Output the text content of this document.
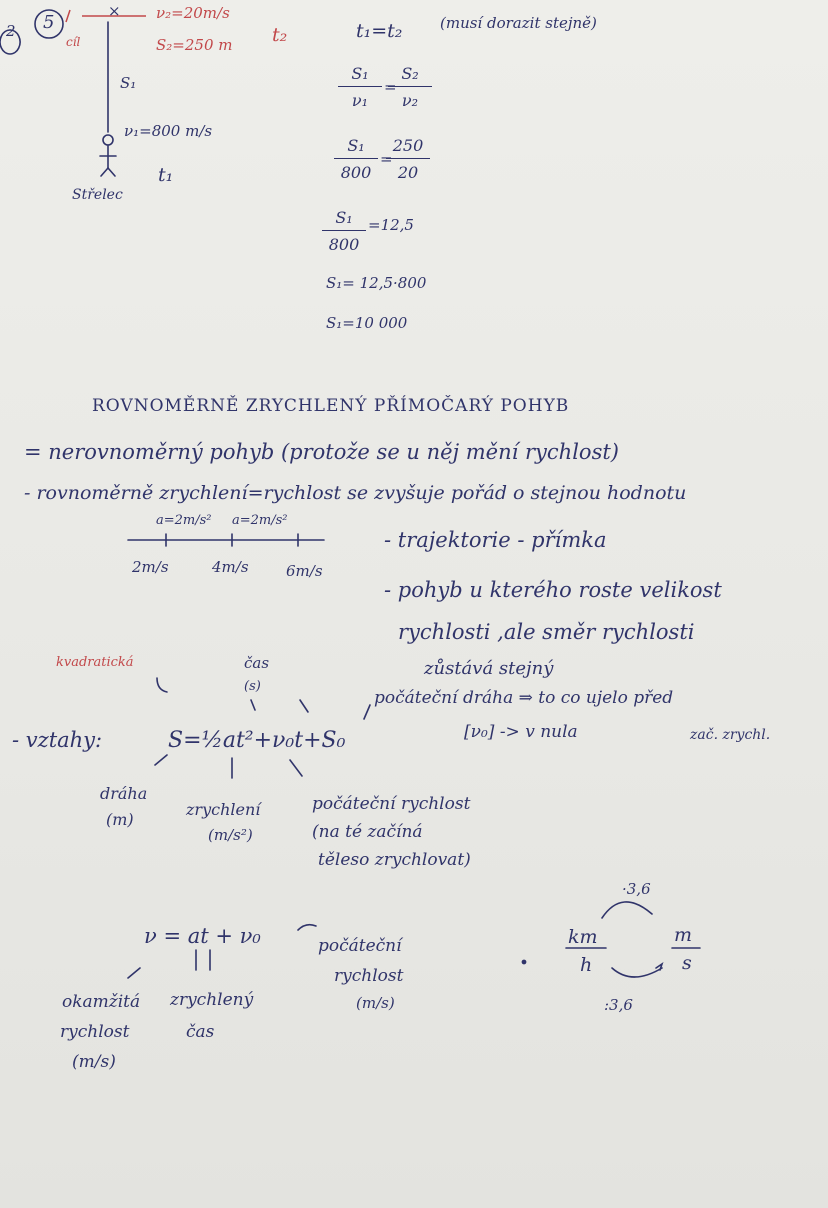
2 5
cíl
× ν₂=20m/s
S₂=250 m t₂
S₁
ν₁=800 m/s
t₁
Střelec
t₁=t₂	(musí dorazit stejně)
$\frac{\text{S₁}}{\text{ν₁}}$ =
$\frac{\text{S₂}}{\text{ν₂}}$
$\frac{\text{S₁}}{800}$ =
$\frac{250}{20}$
$\frac{\text{S₁}}{800} =12,5$
S₁= 12,5·800
S₁=10 000
ROVNOMĚRNĚ ZRYCHLENÝ PŘÍMOČARÝ POHYB
= nerovnoměrný pohyb (protože se u něj mění rychlost)
- rovnoměrně zrychlení=rychlost se zvyšuje pořád o stejnou hodnotu
a=2m/s² a=2m/s²
2m/s	4m/s 6m/s
- trajektorie - přímka
- pohyb u kterého roste velikost
rychlosti ,ale směr rychlosti
zůstává stejný
kvadratická	čas
(s)
počáteční dráha ⇒ to co ujelo před
[ν₀] -> v nula	zač. zrychl.
- vztahy:	S=½at²+ν₀t+S₀
dráha
(m)
zrychlení
(m/s²)
počáteční rychlost
(na té začíná
těleso zrychlovat)
ν = at + ν₀	počáteční
rychlost
(m/s)
okamžitá
rychlost
(m/s)
zrychlený
čas
·3,6
km
h
m
s
:3,6
